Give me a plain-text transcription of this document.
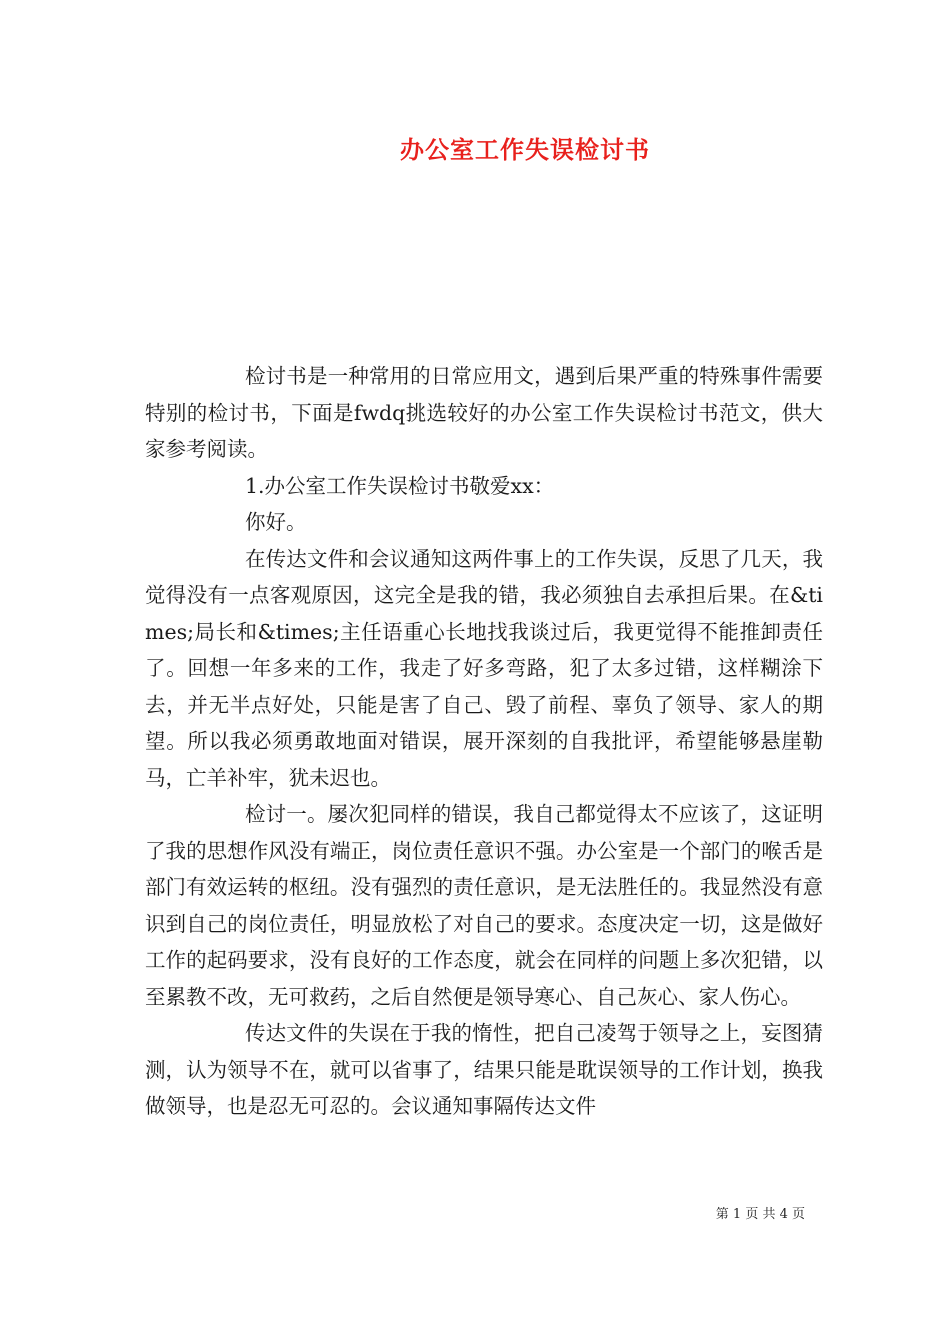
办公室工作失误检讨书

检讨书是一种常用的日常应用文，遇到后果严重的特殊事件需要特别的检讨书，下面是fwdq挑选较好的办公室工作失误检讨书范文，供大家参考阅读。

1.办公室工作失误检讨书敬爱xx：

你好。

在传达文件和会议通知这两件事上的工作失误，反思了几天，我觉得没有一点客观原因，这完全是我的错，我必须独自去承担后果。在&times;局长和&times;主任语重心长地找我谈过后，我更觉得不能推卸责任了。回想一年多来的工作，我走了好多弯路，犯了太多过错，这样糊涂下去，并无半点好处，只能是害了自己、毁了前程、辜负了领导、家人的期望。所以我必须勇敢地面对错误，展开深刻的自我批评，希望能够悬崖勒马，亡羊补牢，犹未迟也。

检讨一。屡次犯同样的错误，我自己都觉得太不应该了，这证明了我的思想作风没有端正，岗位责任意识不强。办公室是一个部门的喉舌是部门有效运转的枢纽。没有强烈的责任意识，是无法胜任的。我显然没有意识到自己的岗位责任，明显放松了对自己的要求。态度决定一切，这是做好工作的起码要求，没有良好的工作态度，就会在同样的问题上多次犯错，以至累教不改，无可救药，之后自然便是领导寒心、自己灰心、家人伤心。

传达文件的失误在于我的惰性，把自己凌驾于领导之上，妄图猜测，认为领导不在，就可以省事了，结果只能是耽误领导的工作计划，换我做领导，也是忍无可忍的。会议通知事隔传达文件

第 1 页 共 4 页
